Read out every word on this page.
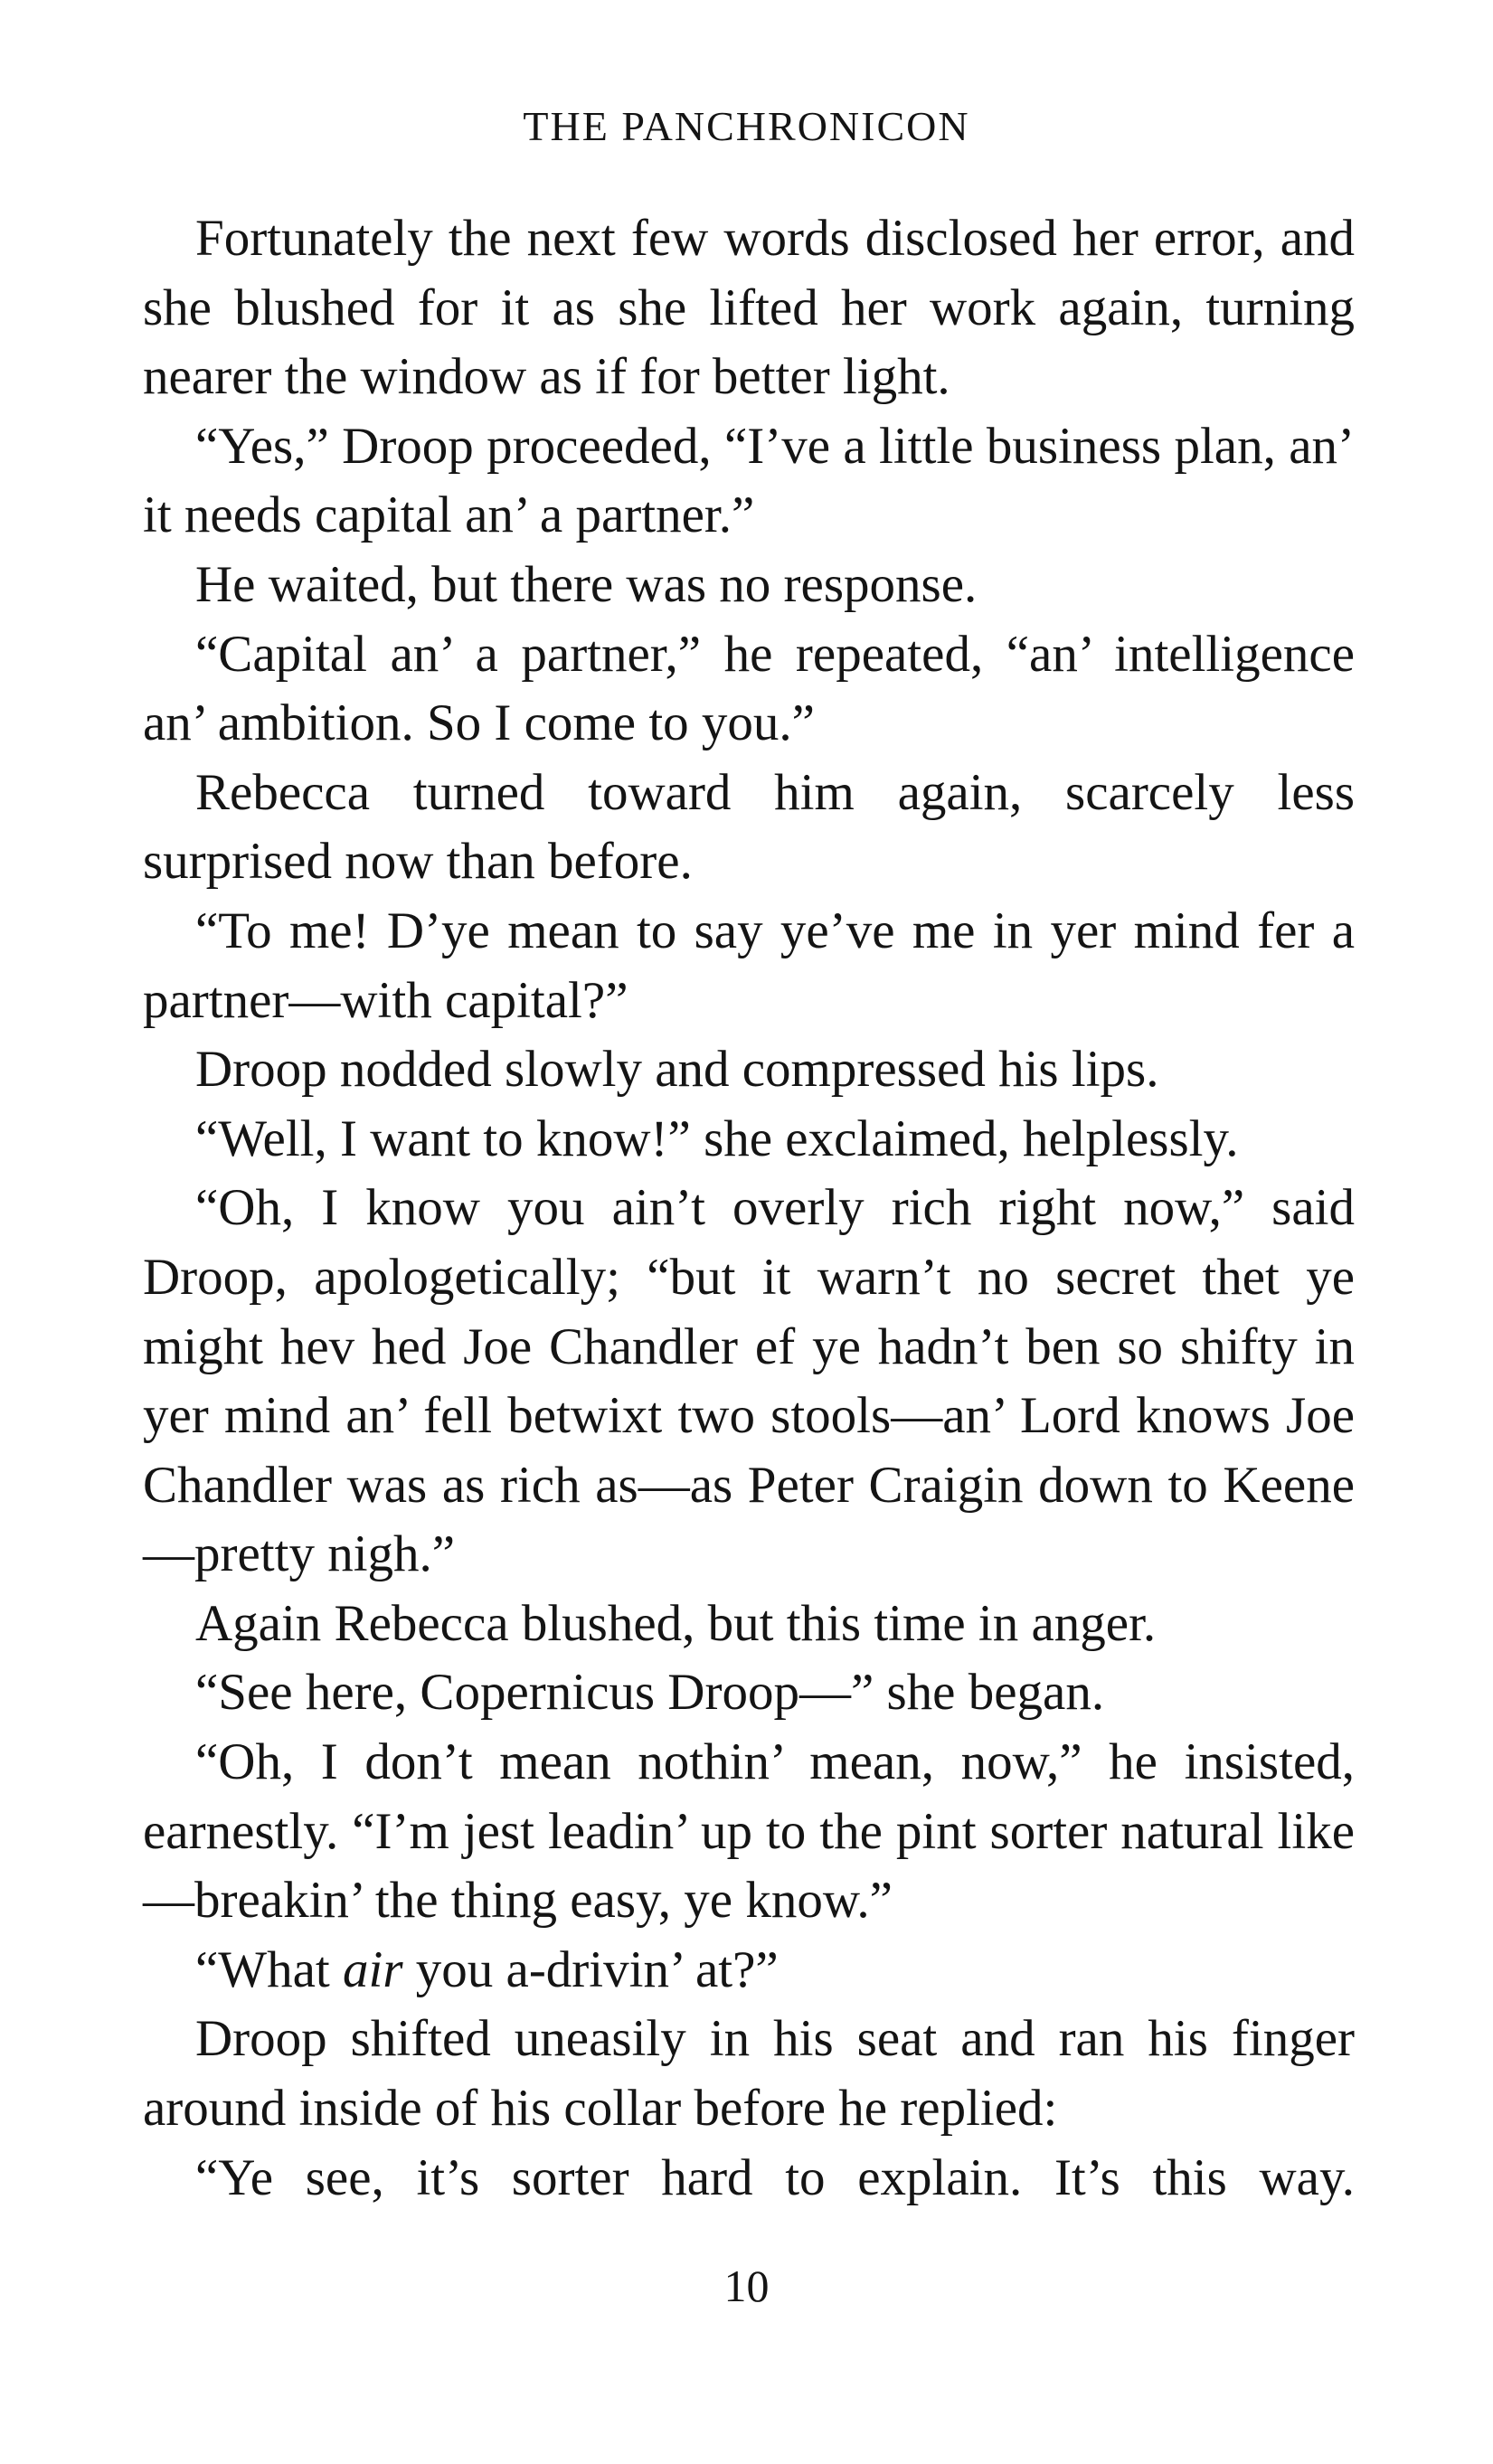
THE PANCHRONICON

Fortunately the next few words disclosed her error, and she blushed for it as she lifted her work again, turning nearer the window as if for better light.

“Yes,” Droop proceeded, “I’ve a little business plan, an’ it needs capital an’ a partner.”

He waited, but there was no response.

“Capital an’ a partner,” he repeated, “an’ intelligence an’ ambition. So I come to you.”

Rebecca turned toward him again, scarcely less surprised now than before.

“To me! D’ye mean to say ye’ve me in yer mind fer a partner—with capital?”

Droop nodded slowly and compressed his lips.

“Well, I want to know!” she exclaimed, helplessly.

“Oh, I know you ain’t overly rich right now,” said Droop, apologetically; “but it warn’t no secret thet ye might hev hed Joe Chandler ef ye hadn’t ben so shifty in yer mind an’ fell betwixt two stools—an’ Lord knows Joe Chandler was as rich as—as Peter Craigin down to Keene—pretty nigh.”

Again Rebecca blushed, but this time in anger.

“See here, Copernicus Droop—” she began.

“Oh, I don’t mean nothin’ mean, now,” he insisted, earnestly. “I’m jest leadin’ up to the pint sorter natural like—breakin’ the thing easy, ye know.”

“What air you a-drivin’ at?”

Droop shifted uneasily in his seat and ran his finger around inside of his collar before he replied:

“Ye see, it’s sorter hard to explain. It’s this way.

10
